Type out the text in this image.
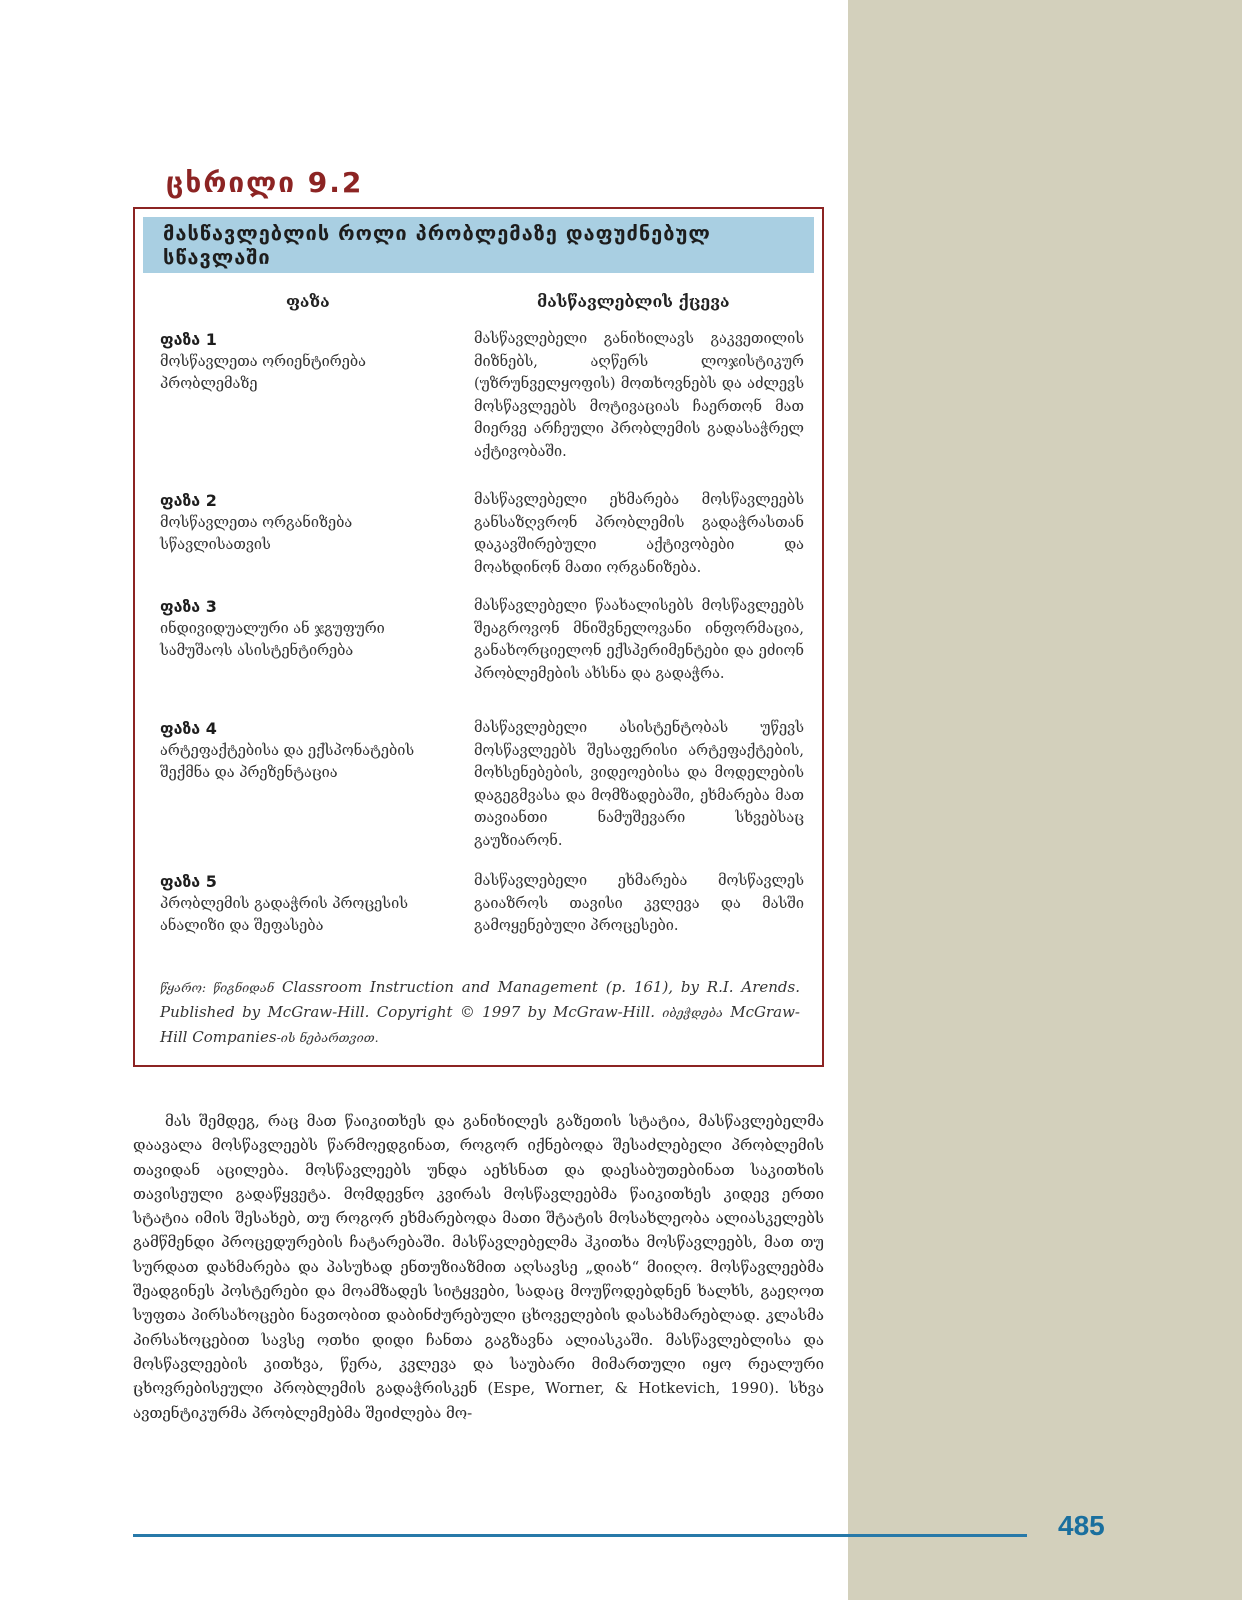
ცხრილი 9.2
მასწავლებლის როლი პრობლემაზე დაფუძნებულ სწავლაში
ფაზა	მასწავლებლის ქცევა
ფაზა 1
მოსწავლეთა ორიენტირება პრობლემაზე
მასწავლებელი განიხილავს გაკვეთილის მიზნებს, აღწერს ლოჯისტიკურ (უზრუნველყოფის) მოთხოვნებს და აძლევს მოსწავლეებს მოტივაციას ჩაერთონ მათ მიერვე არჩეული პრობლემის გადასაჭრელ აქტივობაში.
ფაზა 2
მოსწავლეთა ორგანიზება სწავლისათვის
მასწავლებელი ეხმარება მოსწავლეებს განსაზღვრონ პრობლემის გადაჭრასთან დაკავშირებული აქტივობები და მოახდინონ მათი ორგანიზება.
ფაზა 3
ინდივიდუალური ან ჯგუფური სამუშაოს ასისტენტირება
მასწავლებელი წაახალისებს მოსწავლეებს შეაგროვონ მნიშვნელოვანი ინფორმაცია, განახორციელონ ექსპერიმენტები და ეძიონ პრობლემების ახსნა და გადაჭრა.
ფაზა 4
არტეფაქტებისა და ექსპონატების შექმნა და პრეზენტაცია
მასწავლებელი ასისტენტობას უწევს მოსწავლეებს შესაფერისი არტეფაქტების, მოხსენებების, ვიდეოებისა და მოდელების დაგეგმვასა და მომზადებაში, ეხმარება მათ თავიანთი ნამუშევარი სხვებსაც გაუზიარონ.
ფაზა 5
პრობლემის გადაჭრის პროცესის ანალიზი და შეფასება
მასწავლებელი ეხმარება მოსწავლეს გაიაზროს თავისი კვლევა და მასში გამოყენებული პროცესები.
წყარო: წიგნიდან Classroom Instruction and Management (p. 161), by R.I. Arends. Published by McGraw-Hill. Copyright © 1997 by McGraw-Hill. იბეჭდება McGraw-Hill Companies-ის ნებართვით.
მას შემდეგ, რაც მათ წაიკითხეს და განიხილეს გაზეთის სტატია, მასწავლებელმა დაავალა მოსწავლეებს წარმოედგინათ, როგორ იქნებოდა შესაძლებელი პრობლემის თავიდან აცილება. მოსწავლეებს უნდა აეხსნათ და დაესაბუთებინათ საკითხის თავისეული გადაწყვეტა. მომდევნო კვირას მოსწავლეებმა წაიკითხეს კიდევ ერთი სტატია იმის შესახებ, თუ როგორ ეხმარებოდა მათი შტატის მოსახლეობა ალიასკელებს გამწმენდი პროცედურების ჩატარებაში. მასწავლებელმა ჰკითხა მოსწავლეებს, მათ თუ სურდათ დახმარება და პასუხად ენთუზიაზმით აღსავსე „დიახ“ მიიღო. მოსწავლეებმა შეადგინეს პოსტერები და მოამზადეს სიტყვები, სადაც მოუწოდებდნენ ხალხს, გაეღოთ სუფთა პირსახოცები ნავთობით დაბინძურებული ცხოველების დასახმარებლად. კლასმა პირსახოცებით სავსე ოთხი დიდი ჩანთა გაგზავნა ალიასკაში. მასწავლებლისა და მოსწავლეების კითხვა, წერა, კვლევა და საუბარი მიმართული იყო რეალური ცხოვრებისეული პრობლემის გადაჭრისკენ (Espe, Worner, & Hotkevich, 1990). სხვა ავთენტიკურმა პრობლემებმა შეიძლება მო-
485
